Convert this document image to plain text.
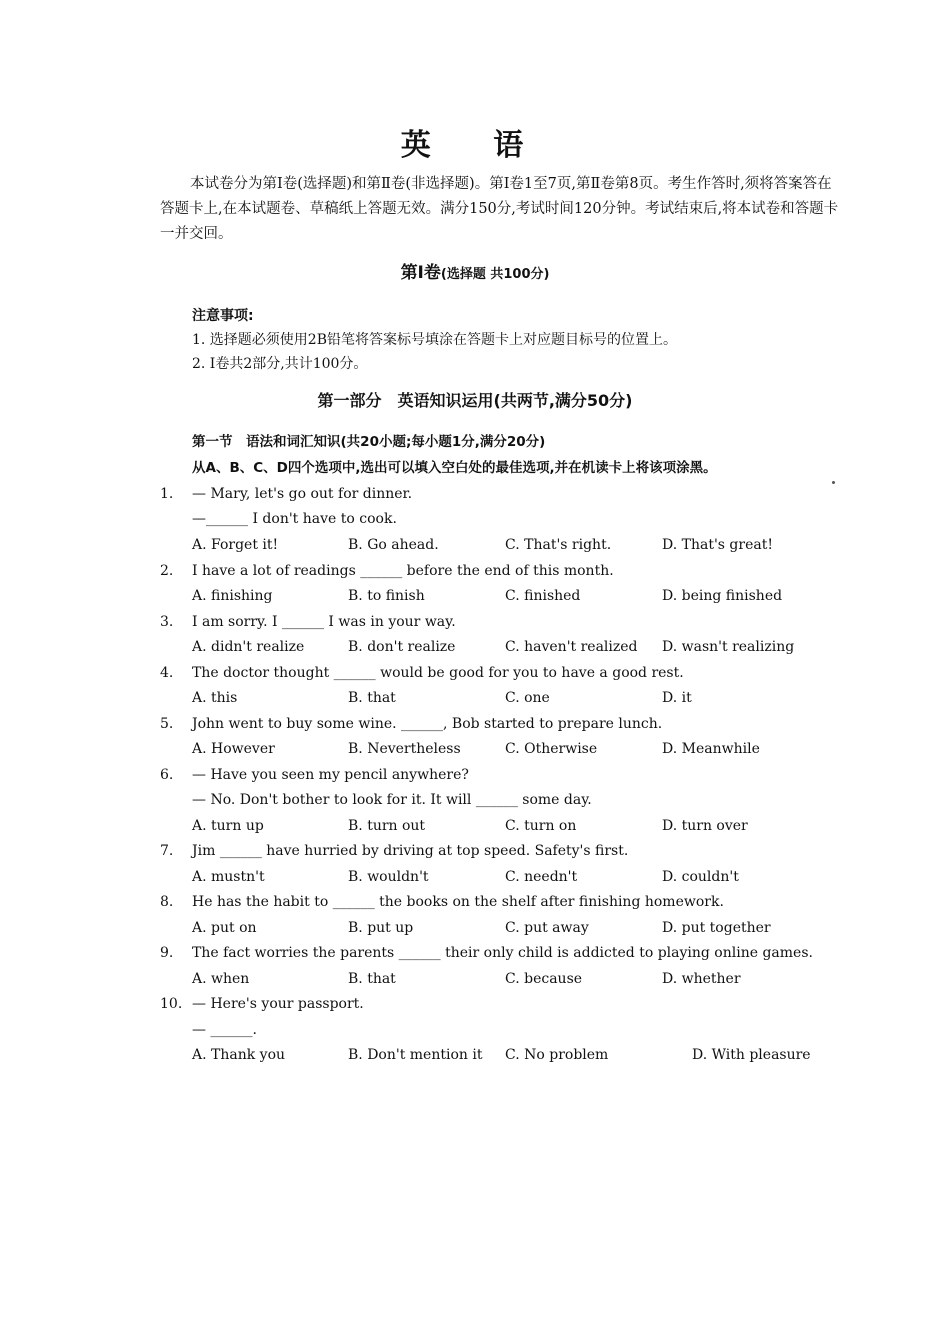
英 语
本试卷分为第Ⅰ卷(选择题)和第Ⅱ卷(非选择题)。第Ⅰ卷1至7页,第Ⅱ卷第8页。考生作答时,须将答案答在答题卡上,在本试题卷、草稿纸上答题无效。满分150分,考试时间120分钟。考试结束后,将本试卷和答题卡一并交回。
第Ⅰ卷(选择题 共100分)
注意事项:
1. 选择题必须使用2B铅笔将答案标号填涂在答题卡上对应题目标号的位置上。
2. Ⅰ卷共2部分,共计100分。
第一部分　英语知识运用(共两节,满分50分)
第一节　语法和词汇知识(共20小题;每小题1分,满分20分)
从A、B、C、D四个选项中,选出可以填入空白处的最佳选项,并在机读卡上将该项涂黑。
1. — Mary, let's go out for dinner.
—______ I don't have to cook.
A. Forget it!	B. Go ahead.	C. That's right.	D. That's great!
2. I have a lot of readings ______ before the end of this month.
A. finishing	B. to finish	C. finished	D. being finished
3. I am sorry. I ______ I was in your way.
A. didn't realize	B. don't realize	C. haven't realized D. wasn't realizing
4. The doctor thought ______ would be good for you to have a good rest.
A. this	B. that	C. one	D. it
5. John went to buy some wine. ______, Bob started to prepare lunch.
A. However	B. Nevertheless	C. Otherwise	D. Meanwhile
6. — Have you seen my pencil anywhere?
— No. Don't bother to look for it. It will ______ some day.
A. turn up	B. turn out	C. turn on	D. turn over
7. Jim ______ have hurried by driving at top speed. Safety's first.
A. mustn't	B. wouldn't	C. needn't	D. couldn't
8. He has the habit to ______ the books on the shelf after finishing homework.
A. put on	B. put up	C. put away	D. put together
9. The fact worries the parents ______ their only child is addicted to playing online games.
A. when	B. that	C. because	D. whether
10. — Here's your passport.
— ______.
A. Thank you	B. Don't mention it C. No problem	D. With pleasure
